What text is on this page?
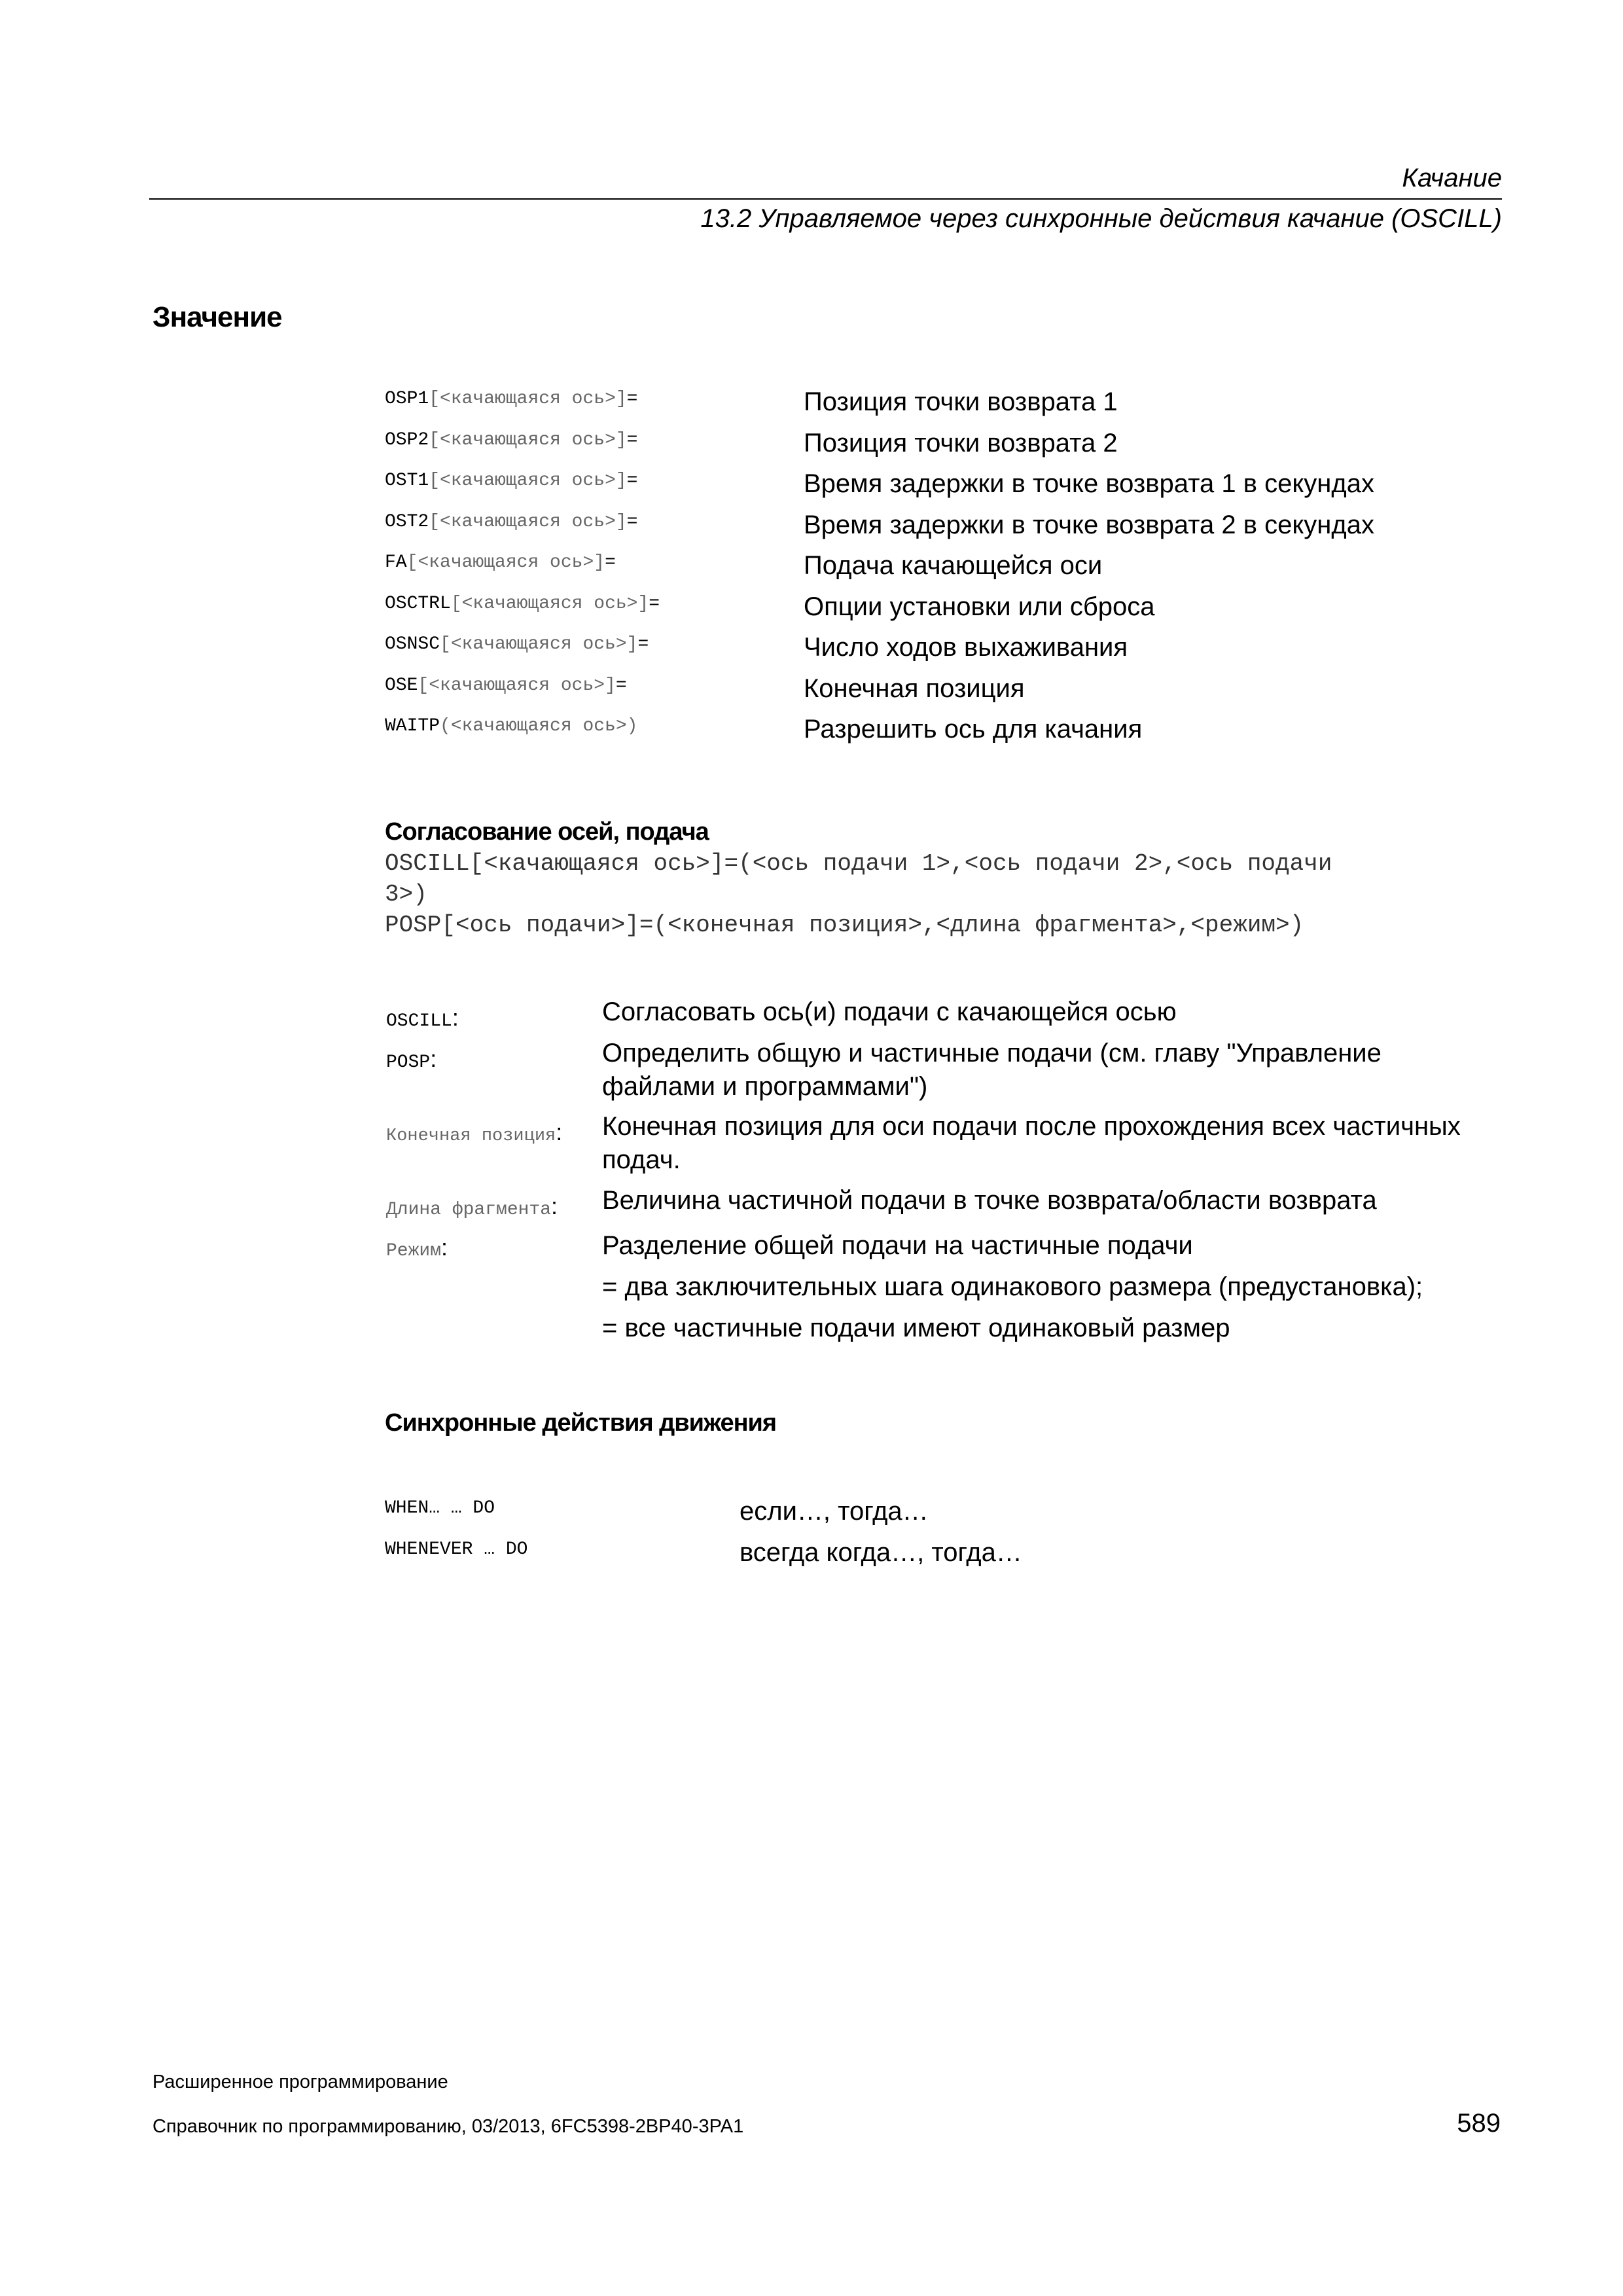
Качание
13.2 Управляемое через синхронные действия качание (OSCILL)
Значение
OSP1[<качающаяся ось>]=	Позиция точки возврата 1
OSP2[<качающаяся ось>]=	Позиция точки возврата 2
OST1[<качающаяся ось>]=	Время задержки в точке возврата 1 в секундах
OST2[<качающаяся ось>]=	Время задержки в точке возврата 2 в секундах
FA[<качающаяся ось>]=	Подача качающейся оси
OSCTRL[<качающаяся ось>]=	Опции установки или сброса
OSNSC[<качающаяся ось>]=	Число ходов выхаживания
OSE[<качающаяся ось>]=	Конечная позиция
WAITP(<качающаяся ось>)	Разрешить ось для качания
Согласование осей, подача
OSCILL[<качающаяся ось>]=(<ось подачи 1>,<ось подачи 2>,<ось подачи
3>)
POSP[<ось подачи>]=(<конечная позиция>,<длина фрагмента>,<режим>)
OSCILL:	Согласовать ось(и) подачи с качающейся осью
POSP:	Определить общую и частичные подачи (см. главу "Управление
файлами и программами")
Конечная позиция: Конечная позиция для оси подачи после прохождения всех частичных
подач.
Длина фрагмента: Величина частичной подачи в точке возврата/области возврата
Режим:	Разделение общей подачи на частичные подачи
= два заключительных шага одинакового размера (предустановка);
= все частичные подачи имеют одинаковый размер
Синхронные действия движения
WHEN… … DO	если…, тогда…
WHENEVER … DO	всегда когда…, тогда…
Расширенное программирование
Справочник по программированию, 03/2013, 6FC5398-2BP40-3PA1	589
